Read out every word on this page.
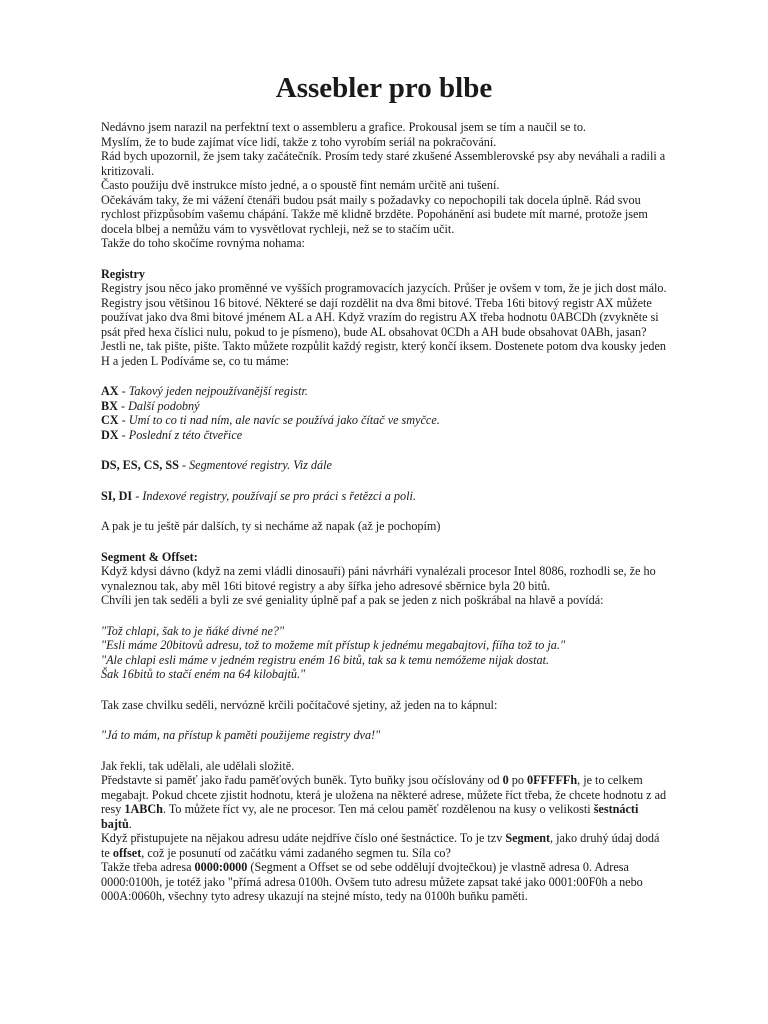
Assebler pro blbe

Nedávno jsem narazil na perfektní text o assembleru a grafice. Prokousal jsem se tím a naučil se to.

Myslím, že to bude zajímat více lidí, takže z toho vyrobím seriál na pokračování.

Rád bych upozornil, že jsem taky začátečník. Prosím tedy staré zkušené Assemblerovské psy aby neváhali a radili a kritizovali.

Často použiju dvě instrukce místo jedné, a o spoustě fint nemám určitě ani tušení.

Očekávám taky, že mi vážení čtenáři budou psát maily s požadavky co nepochopili tak docela úplně. Rád svou rychlost přizpůsobím vašemu chápání. Takže mě klidně brzděte. Popohánění asi budete mít marné, protože jsem docela blbej a nemůžu vám to vysvětlovat rychleji, než se to stačím učit.

Takže do toho skočíme rovnýma nohama:

Registry

Registry jsou něco jako proměnné ve vyšších programovacích jazycích. Průšer je ovšem v tom, že je jich dost málo. Registry jsou většinou 16 bitové. Některé se dají rozdělit na dva 8mi bitové. Třeba 16ti bitový registr AX můžete používat jako dva 8mi bitové jménem AL a AH. Když vrazím do registru AX třeba hodnotu 0ABCDh (zvykněte si psát před hexa číslici nulu, pokud to je písmeno), bude AL obsahovat 0CDh a AH bude obsahovat 0ABh, jasan? Jestli ne, tak pište, pište. Takto můžete rozpůlit každý registr, který končí iksem. Dostenete potom dva kousky jeden H a jeden L Podíváme se, co tu máme:

AX - Takový jeden nejpoužívanější registr.

BX - Další podobný

CX - Umí to co ti nad ním, ale navíc se používá jako čítač ve smyčce.

DX - Poslední z této čtveřice

DS, ES, CS, SS - Segmentové registry. Viz dále

SI, DI - Indexové registry, používají se pro práci s řetězci a poli.

A pak je tu ještě pár dalších, ty si necháme až napak (až je pochopím)

Segment & Offset:

Když kdysi dávno (když na zemi vládli dinosauři) páni návrháři vynalézali procesor Intel 8086, rozhodli se, že ho vynaleznou tak, aby měl 16ti bitové registry a aby šířka jeho adresové sběrnice byla 20 bitů.

Chvíli jen tak seděli a byli ze své geniality úplně paf a pak se jeden z nich poškrábal na hlavě a povídá:

"Tož chlapi, šak to je ňáké divné ne?"

"Esli máme 20bitovů adresu, tož to možeme mít přístup k jednému megabajtovi, fííha tož to ja."

"Ale chlapi esli máme v jedném registru eném 16 bitů, tak sa k temu nemóžeme nijak dostat.

Šak 16bitů to stačí eném na 64 kilobajtů."

Tak zase chvilku seděli, nervózně krčili počítačové sjetiny, až jeden na to kápnul:

"Já to mám, na přístup k paměti použijeme registry dva!"

Jak řekli, tak udělali, ale udělali složitě.

Představte si paměť jako řadu paměťových buněk. Tyto buňky jsou očíslovány od 0 po 0FFFFFh, je to celkem megabajt. Pokud chcete zjistit hodnotu, která je uložena na některé adrese, můžete říct třeba, že chcete hodnotu z ad resy 1ABCh. To můžete říct vy, ale ne procesor. Ten má celou paměť rozdělenou na kusy o velikosti šestnácti bajtů.

Když přistupujete na nějakou adresu udáte nejdříve číslo oné šestnáctice. To je tzv Segment, jako druhý údaj dodá te offset, což je posunutí od začátku vámi zadaného segmen tu. Síla co?

Takže třeba adresa 0000:0000 (Segment a Offset se od sebe oddělují dvojtečkou) je vlastně adresa 0. Adresa 0000:0100h, je totéž jako "přímá adresa 0100h. Ovšem tuto adresu můžete zapsat také jako 0001:00F0h a nebo 000A:0060h, všechny tyto adresy ukazují na stejné místo, tedy na 0100h buňku paměti.
